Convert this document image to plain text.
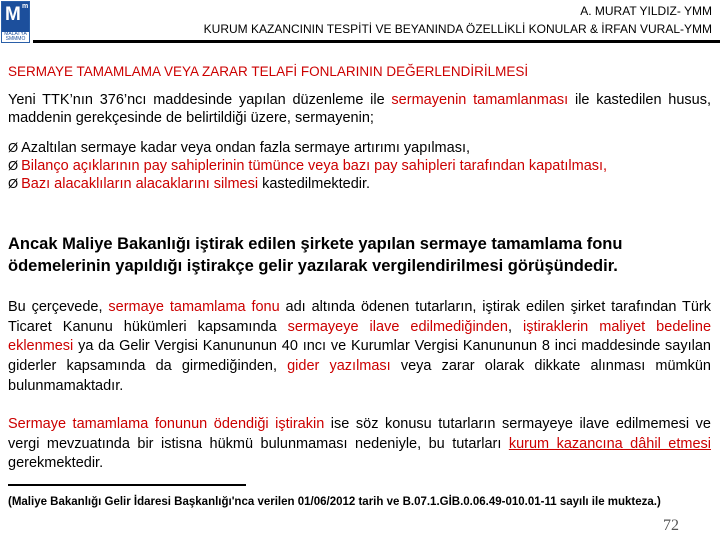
M m
MALATYA
SMMMO
A. MURAT YILDIZ- YMM
KURUM KAZANCININ TESPİTİ VE BEYANINDA ÖZELLİKLİ KONULAR & İRFAN VURAL-YMM
SERMAYE TAMAMLAMA VEYA ZARAR TELAFİ FONLARININ DEĞERLENDİRİLMESİ
Yeni TTK’nın 376’ncı maddesinde yapılan düzenleme ile sermayenin tamamlanması ile kastedilen husus, maddenin gerekçesinde de belirtildiği üzere, sermayenin;
Ø Azaltılan sermaye kadar veya ondan fazla sermaye artırımı yapılması,
Ø Bilanço açıklarının pay sahiplerinin tümünce veya bazı pay sahipleri tarafından kapatılması,
Ø Bazı alacaklıların alacaklarını silmesi kastedilmektedir.
Ancak Maliye Bakanlığı iştirak edilen şirkete yapılan sermaye tamamlama fonu ödemelerinin yapıldığı iştirakçe gelir yazılarak vergilendirilmesi görüşündedir.
Bu çerçevede, sermaye tamamlama fonu adı altında ödenen tutarların, iştirak edilen şirket tarafından Türk Ticaret Kanunu hükümleri kapsamında sermayeye ilave edilmediğinden, iştiraklerin maliyet bedeline eklenmesi ya da Gelir Vergisi Kanununun 40 ıncı ve Kurumlar Vergisi Kanununun 8 inci maddesinde sayılan giderler kapsamında da girmediğinden, gider yazılması veya zarar olarak dikkate alınması mümkün bulunmamaktadır.
Sermaye tamamlama fonunun ödendiği iştirakin ise söz konusu tutarların sermayeye ilave edilmemesi ve vergi mevzuatında bir istisna hükmü bulunmaması nedeniyle, bu tutarları kurum kazancına dâhil etmesi gerekmektedir.
(Maliye Bakanlığı Gelir İdaresi Başkanlığı'nca verilen 01/06/2012 tarih ve B.07.1.GİB.0.06.49-010.01-11 sayılı ile mukteza.)
72
